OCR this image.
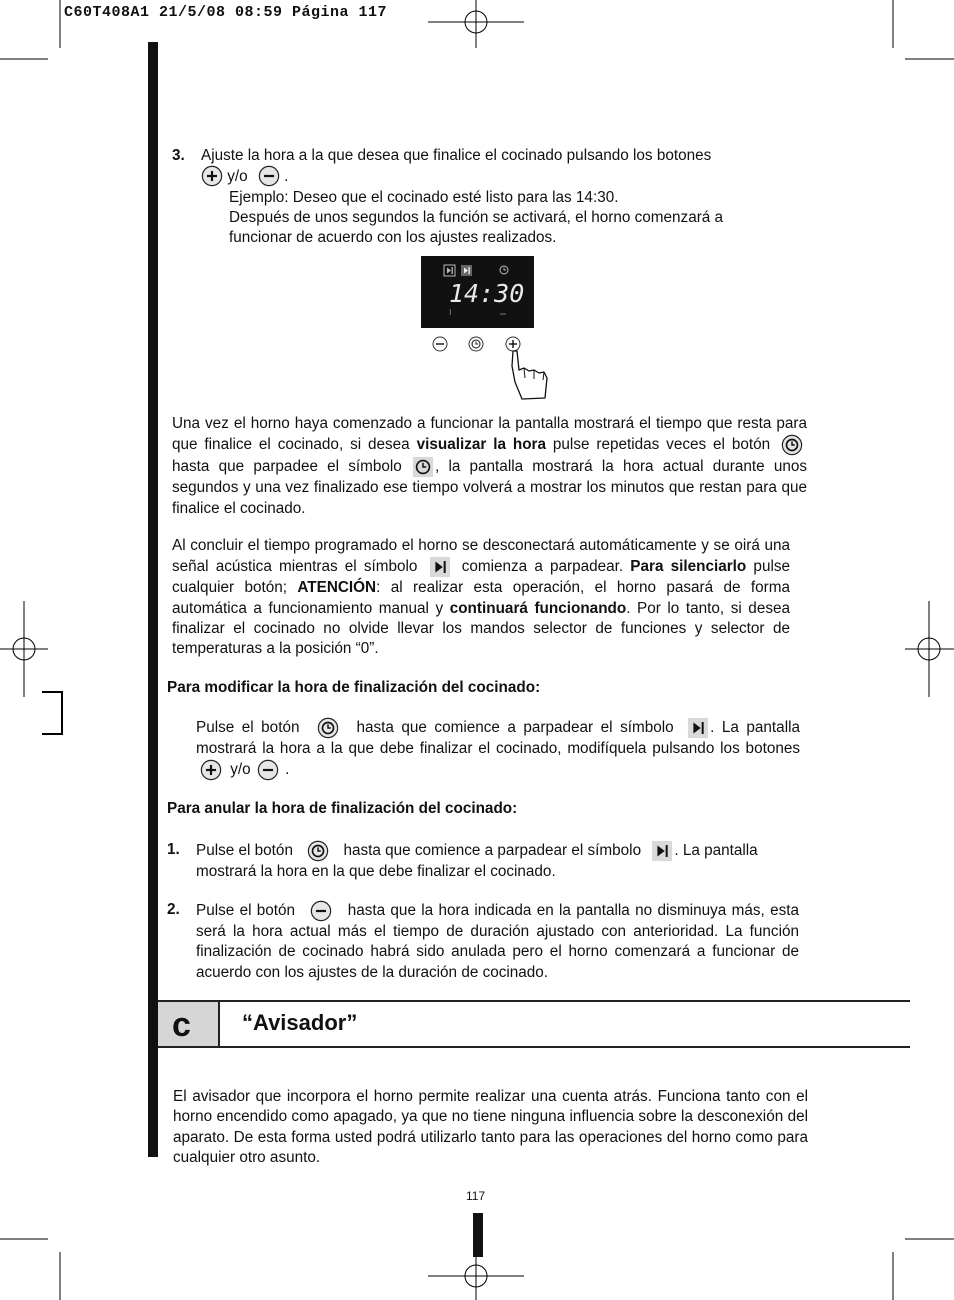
C60T408A1 21/5/08 08:59 Página 117
3. Ajuste la hora a la que desea que finalice el cocinado pulsando los botones
y/o .
Ejemplo: Deseo que el cocinado esté listo para las 14:30.
Después de unos segundos la función se activará, el horno comenzará a
funcionar de acuerdo con los ajustes realizados.
14:30
Una vez el horno haya comenzado a funcionar la pantalla mostrará el tiempo que resta para que finalice el cocinado, si desea visualizar la hora pulse repetidas veces el botón  hasta que parpadee el símbolo , la pantalla mostrará la hora actual durante unos segundos y una vez finalizado ese tiempo volverá a mostrar los minutos que restan para que finalice el cocinado.
Al concluir el tiempo programado el horno se desconectará automáticamente y se oirá una señal acústica mientras el símbolo  comienza a parpadear. Para silenciarlo pulse cualquier botón; ATENCIÓN: al realizar esta operación, el horno pasará de forma automática a funcionamiento manual y continuará funcionando. Por lo tanto, si desea finalizar el cocinado no olvide llevar los mandos selector de funciones y selector de temperaturas a la posición “0”.
Para modificar la hora de finalización del cocinado:
Pulse el botón	hasta que comience a parpadear el símbolo . La pantalla mostrará la hora a la que debe finalizar el cocinado, modifíquela pulsando los botones  y/o  .
Para anular la hora de finalización del cocinado:
1. Pulse el botón	hasta que comience a parpadear el símbolo . La pantalla mostrará la hora en la que debe finalizar el cocinado.
2. Pulse el botón	hasta que la hora indicada en la pantalla no disminuya más, esta será la hora actual más el tiempo de duración ajustado con anterioridad. La función finalización de cocinado habrá sido anulada pero el horno comenzará a funcionar de acuerdo con los ajustes de la duración de cocinado.
c “Avisador”
El avisador que incorpora el horno permite realizar una cuenta atrás. Funciona tanto con el horno encendido como apagado, ya que no tiene ninguna influencia sobre la desconexión del aparato. De esta forma usted podrá utilizarlo tanto para las operaciones del horno como para cualquier otro asunto.
117
